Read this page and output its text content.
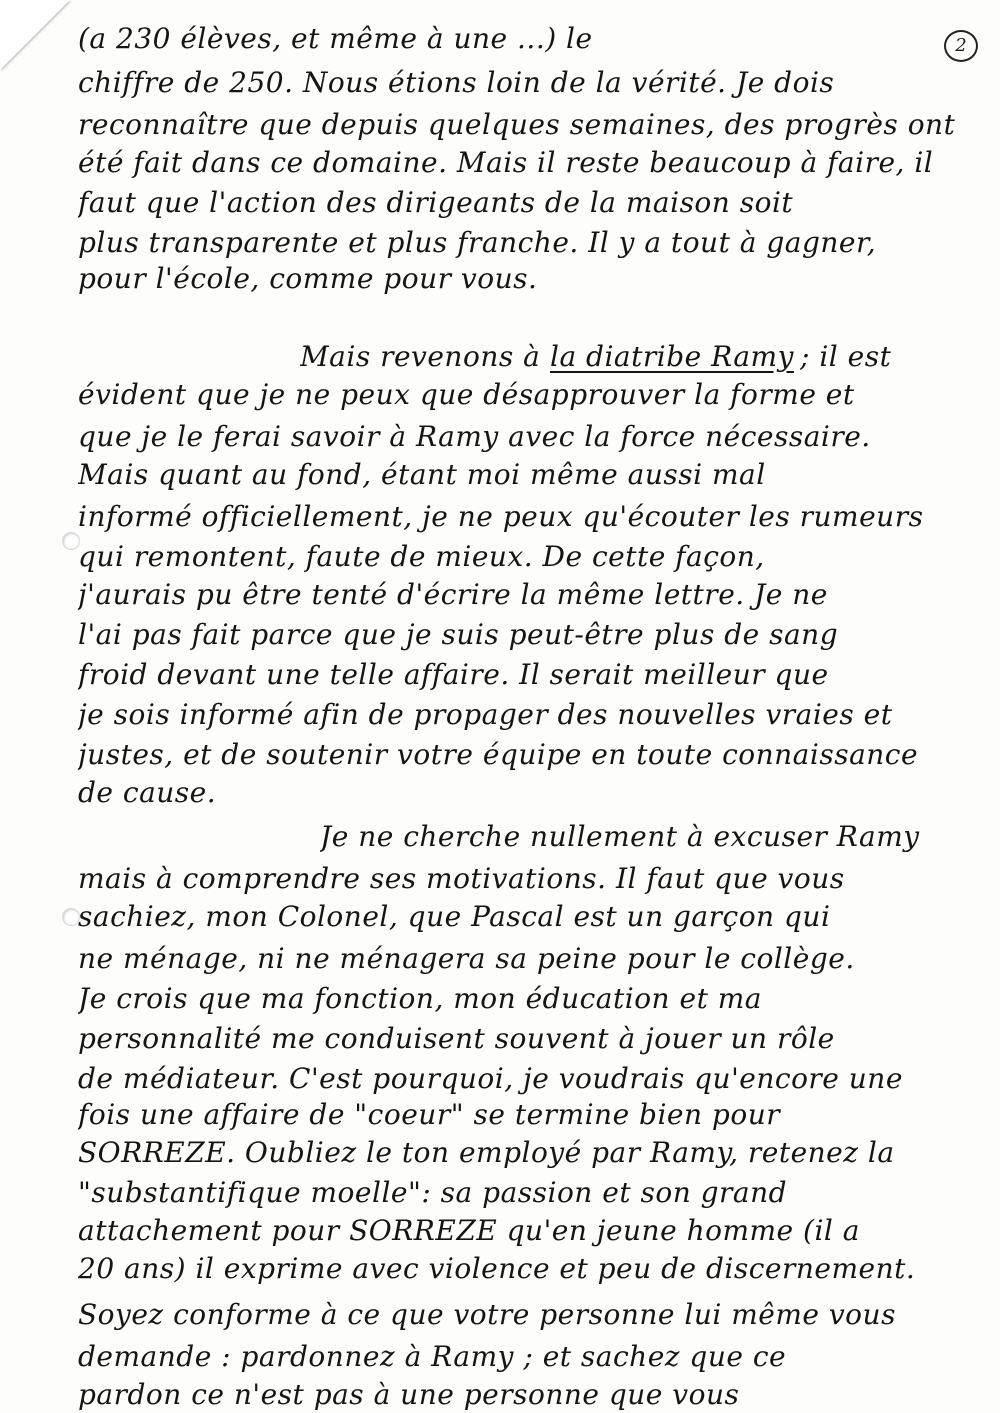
2
(a 230 élèves, et même à une ...) le
chiffre de 250. Nous étions loin de la vérité. Je dois
reconnaître que depuis quelques semaines, des progrès ont
été fait dans ce domaine. Mais il reste beaucoup à faire, il
faut que l'action des dirigeants de la maison soit
plus transparente et plus franche. Il y a tout à gagner,
pour l'école, comme pour vous.
Mais revenons à la diatribe Ramy ; il est
évident que je ne peux que désapprouver la forme et
que je le ferai savoir à Ramy avec la force nécessaire.
Mais quant au fond, étant moi même aussi mal
informé officiellement, je ne peux qu'écouter les rumeurs
qui remontent, faute de mieux. De cette façon,
j'aurais pu être tenté d'écrire la même lettre. Je ne
l'ai pas fait parce que je suis peut-être plus de sang
froid devant une telle affaire. Il serait meilleur que
je sois informé afin de propager des nouvelles vraies et
justes, et de soutenir votre équipe en toute connaissance
de cause.
Je ne cherche nullement à excuser Ramy
mais à comprendre ses motivations. Il faut que vous
sachiez, mon Colonel, que Pascal est un garçon qui
ne ménage, ni ne ménagera sa peine pour le collège.
Je crois que ma fonction, mon éducation et ma
personnalité me conduisent souvent à jouer un rôle
de médiateur. C'est pourquoi, je voudrais qu'encore une
fois une affaire de "coeur" se termine bien pour
SORREZE. Oubliez le ton employé par Ramy, retenez la
"substantifique moelle": sa passion et son grand
attachement pour SORREZE qu'en jeune homme (il a
20 ans) il exprime avec violence et peu de discernement.
Soyez conforme à ce que votre personne lui même vous
demande : pardonnez à Ramy ; et sachez que ce
pardon ce n'est pas à une personne que vous
